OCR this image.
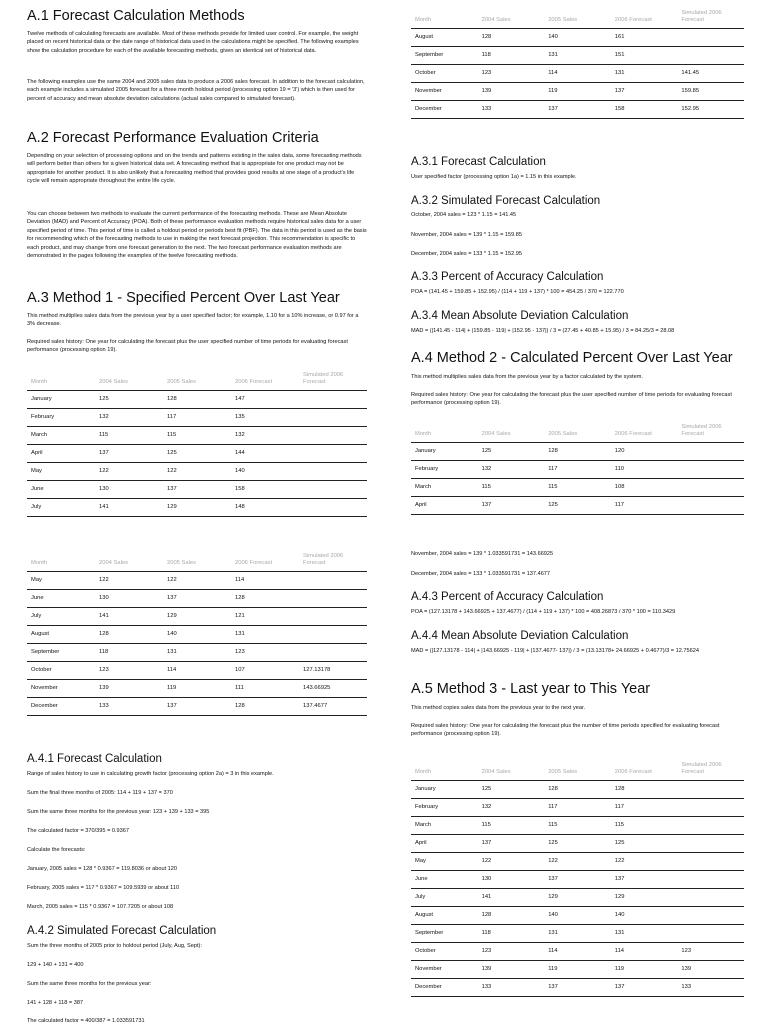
A.1 Forecast Calculation Methods

Twelve methods of calculating forecasts are available. Most of these methods provide for limited user control. For example, the weight placed on recent historical data or the date range of historical data used in the calculations might be specified. The following examples show the calculation procedure for each of the available forecasting methods, given an identical set of historical data.

The following examples use the same 2004 and 2005 sales data to produce a 2006 sales forecast. In addition to the forecast calculation, each example includes a simulated 2005 forecast for a three month holdout period (processing option 19 = '3') which is then used for percent of accuracy and mean absolute deviation calculations (actual sales compared to simulated forecast).

A.2 Forecast Performance Evaluation Criteria

Depending on your selection of processing options and on the trends and patterns existing in the sales data, some forecasting methods will perform better than others for a given historical data set. A forecasting method that is appropriate for one product may not be appropriate for another product. It is also unlikely that a forecasting method that provides good results at one stage of a product's life cycle will remain appropriate throughout the entire life cycle.

You can choose between two methods to evaluate the current performance of the forecasting methods. These are Mean Absolute Deviation (MAD) and Percent of Accuracy (POA). Both of these performance evaluation methods require historical sales data for a user specified period of time. This period of time is called a holdout period or periods best fit (PBF). The data in this period is used as the basis for recommending which of the forecasting methods to use in making the next forecast projection. This recommendation is specific to each product, and may change from one forecast generation to the next. The two forecast performance evaluation methods are demonstrated in the pages following the examples of the twelve forecasting methods.

A.3 Method 1 - Specified Percent Over Last Year

This method multiplies sales data from the previous year by a user specified factor; for example, 1.10 for a 10% increase, or 0.97 for a 3% decrease.

Required sales history: One year for calculating the forecast plus the user specified number of time periods for evaluating forecast performance (processing option 19).

Month	2004 Sales	2005 Sales	2006 Forecast	Simulated 2006 Forecast
January	125	128	147	
February	132	117	135	
March	115	115	132	
April	137	125	144	
May	122	122	140	
June	130	137	158	
July	141	129	148	
Month	2004 Sales	2005 Sales	2006 Forecast	Simulated 2006 Forecast
May	122	122	114	
June	130	137	128	
July	141	129	121	
August	128	140	131	
September	118	131	123	
October	123	114	107	127.13178
November	139	119	111	143.66925
December	133	137	128	137.4677
A.4.1 Forecast Calculation

Range of sales history to use in calculating growth factor (processing option 2a) = 3 in this example.

Sum the final three months of 2005: 114 + 119 + 137 = 370

Sum the same three months for the previous year: 123 + 139 + 133 = 395

The calculated factor = 370/395 = 0.9367

Calculate the forecasts:

January, 2005 sales = 128 * 0.9367 = 119.8036 or about 120

February, 2005 sales = 117 * 0.9367 = 109.5939 or about 110

March, 2005 sales = 115 * 0.9367 = 107.7205 or about 108

A.4.2 Simulated Forecast Calculation

Sum the three months of 2005 prior to holdout period (July, Aug, Sept):

129 + 140 + 131 = 400

Sum the same three months for the previous year:

141 + 128 + 118 = 387

The calculated factor = 400/387 = 1.033591731

Month	2004 Sales	2005 Sales	2006 Forecast	Simulated 2006 Forecast
August	128	140	161	
September	118	131	151	
October	123	114	131	141.45
November	139	119	137	159.85
December	133	137	158	152.95
A.3.1 Forecast Calculation

User specified factor (processing option 1a) = 1.15 in this example.

A.3.2 Simulated Forecast Calculation

October, 2004 sales = 123 * 1.15 = 141.45

November, 2004 sales = 139 * 1.15 = 159.85

December, 2004 sales = 133 * 1.15 = 152.95

A.3.3 Percent of Accuracy Calculation

POA = (141.45 + 159.85 + 152.95) / (114 + 119 + 137) * 100 = 454.25 / 370 = 122.770

A.3.4 Mean Absolute Deviation Calculation

MAD = (|141.45 - 114| + |159.85 - 119| + |152.95 - 137|) / 3 = (27.45 + 40.85 + 15.95) / 3 = 84.25/3 = 28.08

A.4 Method 2 - Calculated Percent Over Last Year

This method multiplies sales data from the previous year by a factor calculated by the system.

Required sales history: One year for calculating the forecast plus the user specified number of time periods for evaluating forecast performance (processing option 19).

Month	2004 Sales	2005 Sales	2006 Forecast	Simulated 2006 Forecast
January	125	128	120	
February	132	117	110	
March	115	115	108	
April	137	125	117	

November, 2004 sales = 139 * 1.033591731 = 143.66925

December, 2004 sales = 133 * 1.033591731 = 137.4677

A.4.3 Percent of Accuracy Calculation

POA = (127.13178 + 143.66925 + 137.4677) / (114 + 119 + 137) * 100 = 408.26873 / 370 * 100 = 110.3429

A.4.4 Mean Absolute Deviation Calculation

MAD = (|127.13178 - 114| + |143.66925 - 119| + |137.4677- 137|) / 3 = (13.13178+ 24.66925 + 0.4677)/3 = 12.75624

A.5 Method 3 - Last year to This Year

This method copies sales data from the previous year to the next year.

Required sales history: One year for calculating the forecast plus the number of time periods specified for evaluating forecast performance (processing option 19).

Month	2004 Sales	2005 Sales	2006 Forecast	Simulated 2006 Forecast
January	125	128	128	
February	132	117	117	
March	115	115	115	
April	137	125	125	
May	122	122	122	
June	130	137	137	
July	141	129	129	
August	128	140	140	
September	118	131	131	
October	123	114	114	123
November	139	119	119	139
December	133	137	137	133
